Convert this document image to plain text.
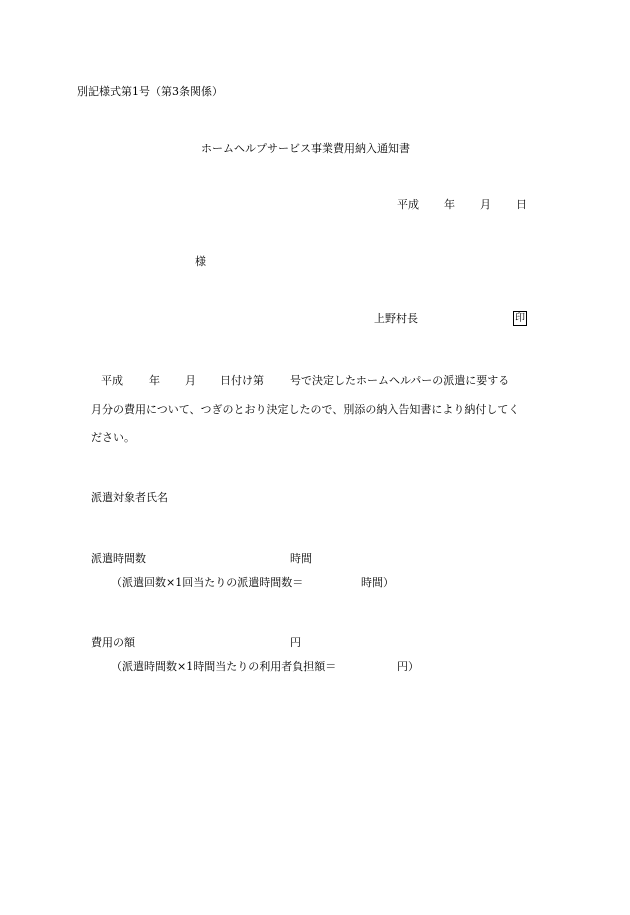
別記様式第1号（第3条関係）
ホームヘルプサービス事業費用納入通知書
平成 年 月 日
様
上野村長	印
平成 年 月 日付け第 号で決定したホームヘルパーの派遣に要する
月分の費用について、つぎのとおり決定したので、別添の納入告知書により納付してく
ださい。
派遣対象者氏名
派遣時間数	時間
（派遣回数×1回当たりの派遣時間数＝	時間）
費用の額	円
（派遣時間数×1時間当たりの利用者負担額＝	円）
